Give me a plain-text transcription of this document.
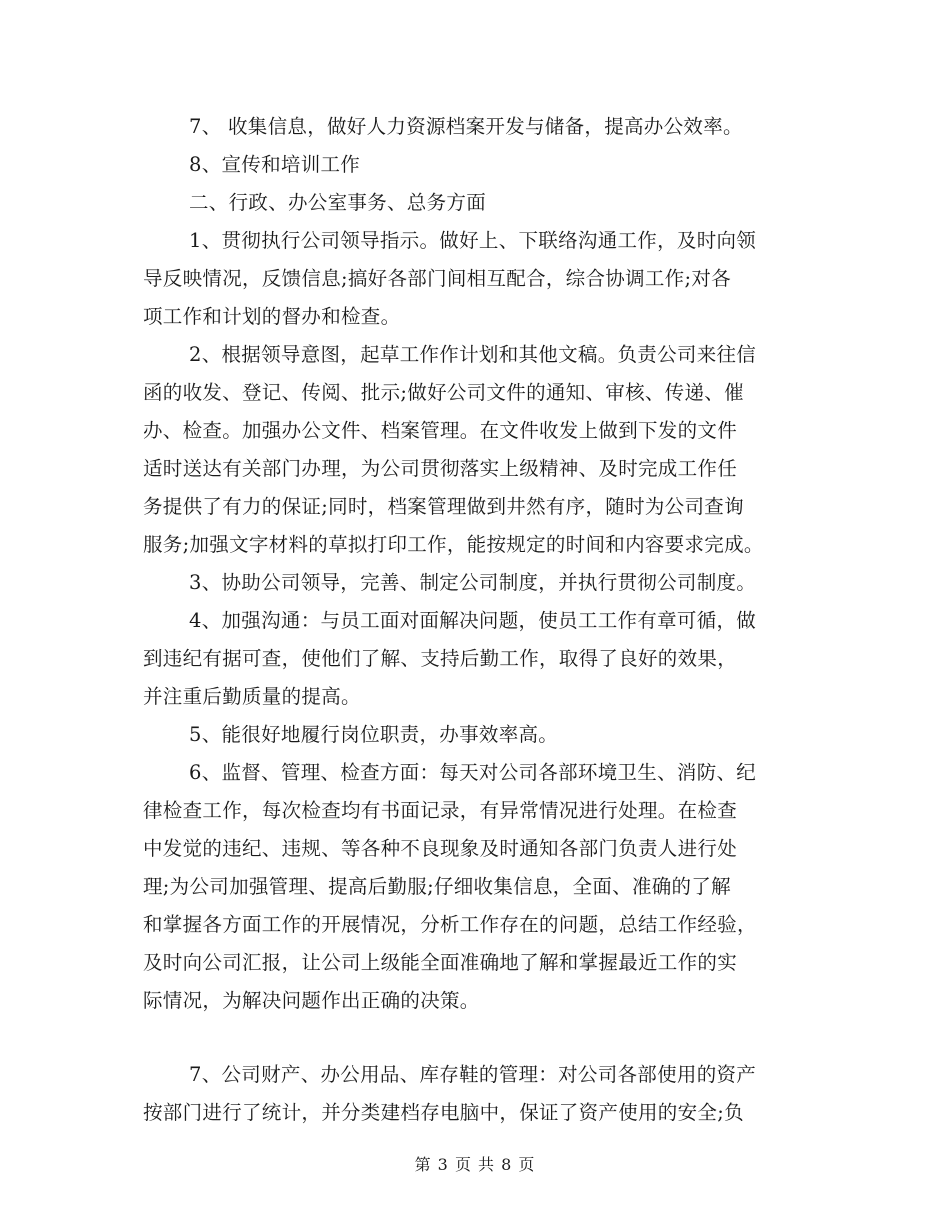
7、 收集信息，做好人力资源档案开发与储备，提高办公效率。
8、宣传和培训工作
二、行政、办公室事务、总务方面
1、贯彻执行公司领导指示。做好上、下联络沟通工作，及时向领
导反映情况，反馈信息;搞好各部门间相互配合，综合协调工作;对各
项工作和计划的督办和检查。
2、根据领导意图，起草工作作计划和其他文稿。负责公司来往信
函的收发、登记、传阅、批示;做好公司文件的通知、审核、传递、催
办、检查。加强办公文件、档案管理。在文件收发上做到下发的文件
适时送达有关部门办理，为公司贯彻落实上级精神、及时完成工作任
务提供了有力的保证;同时，档案管理做到井然有序，随时为公司查询
服务;加强文字材料的草拟打印工作，能按规定的时间和内容要求完成。
3、协助公司领导，完善、制定公司制度，并执行贯彻公司制度。
4、加强沟通：与员工面对面解决问题，使员工工作有章可循，做
到违纪有据可查，使他们了解、支持后勤工作，取得了良好的效果，
并注重后勤质量的提高。
5、能很好地履行岗位职责，办事效率高。
6、监督、管理、检查方面：每天对公司各部环境卫生、消防、纪
律检查工作，每次检查均有书面记录，有异常情况进行处理。在检查
中发觉的违纪、违规、等各种不良现象及时通知各部门负责人进行处
理;为公司加强管理、提高后勤服;仔细收集信息，全面、准确的了解
和掌握各方面工作的开展情况，分析工作存在的问题，总结工作经验，
及时向公司汇报，让公司上级能全面准确地了解和掌握最近工作的实
际情况，为解决问题作出正确的决策。
7、公司财产、办公用品、库存鞋的管理：对公司各部使用的资产
按部门进行了统计，并分类建档存电脑中，保证了资产使用的安全;负
第 3 页 共 8 页
